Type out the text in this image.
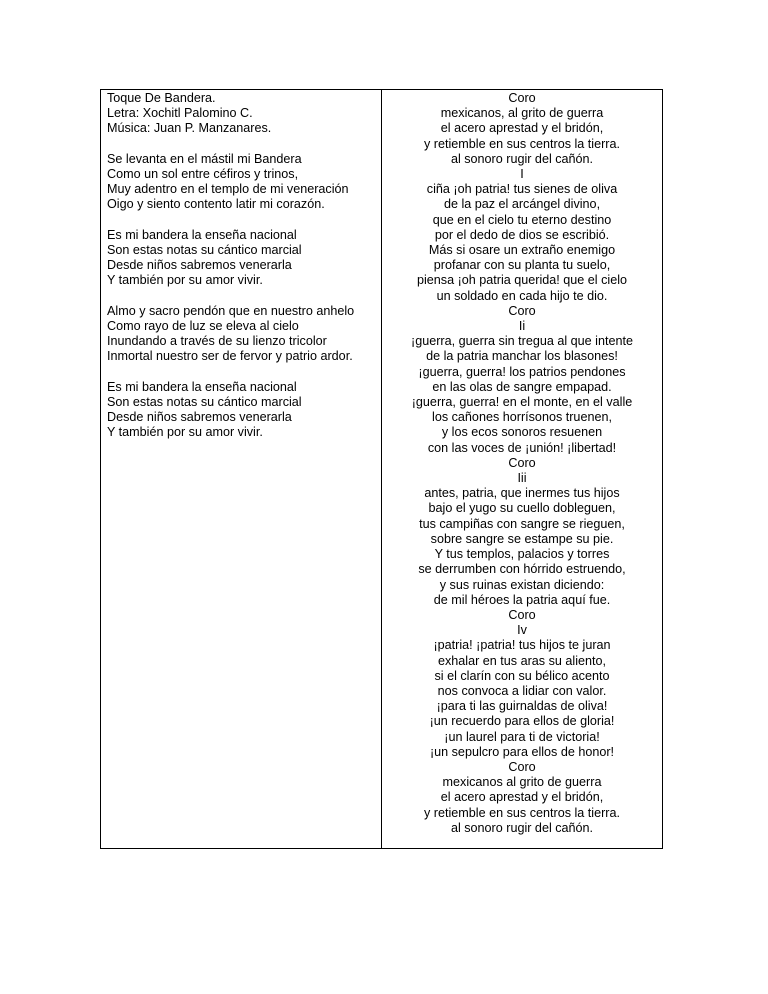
Toque De Bandera.
Letra: Xochitl Palomino C.
Música: Juan P. Manzanares.
Se levanta en el mástil mi Bandera
Como un sol entre céfiros y trinos,
Muy adentro en el templo de mi veneración
Oigo y siento contento latir mi corazón.
Es mi bandera la enseña nacional
Son estas notas su cántico marcial
Desde niños sabremos venerarla
Y también por su amor vivir.
Almo y sacro pendón que en nuestro anhelo
Como rayo de luz se eleva al cielo
Inundando a través de su lienzo tricolor
Inmortal nuestro ser de fervor y patrio ardor.
Es mi bandera la enseña nacional
Son estas notas su cántico marcial
Desde niños sabremos venerarla
Y también por su amor vivir.
Coro
mexicanos, al grito de guerra
el acero aprestad y el bridón,
y retiemble en sus centros la tierra.
al sonoro rugir del cañón.
I
ciña ¡oh patria! tus sienes de oliva
de la paz el arcángel divino,
que en el cielo tu eterno destino
por el dedo de dios se escribió.
Más si osare un extraño enemigo
profanar con su planta tu suelo,
piensa ¡oh patria querida! que el cielo
un soldado en cada hijo te dio.
Coro
Ii
¡guerra, guerra sin tregua al que intente
de la patria manchar los blasones!
¡guerra, guerra! los patrios pendones
en las olas de sangre empapad.
¡guerra, guerra! en el monte, en el valle
los cañones horrísonos truenen,
y los ecos sonoros resuenen
con las voces de ¡unión! ¡libertad!
Coro
Iii
antes, patria, que inermes tus hijos
bajo el yugo su cuello dobleguen,
tus campiñas con sangre se rieguen,
sobre sangre se estampe su pie.
Y tus templos, palacios y torres
se derrumben con hórrido estruendo,
y sus ruinas existan diciendo:
de mil héroes la patria aquí fue.
Coro
Iv
¡patria! ¡patria! tus hijos te juran
exhalar en tus aras su aliento,
si el clarín con su bélico acento
nos convoca a lidiar con valor.
¡para ti las guirnaldas de oliva!
¡un recuerdo para ellos de gloria!
¡un laurel para ti de victoria!
¡un sepulcro para ellos de honor!
Coro
mexicanos al grito de guerra
el acero aprestad y el bridón,
y retiemble en sus centros la tierra.
al sonoro rugir del cañón.
